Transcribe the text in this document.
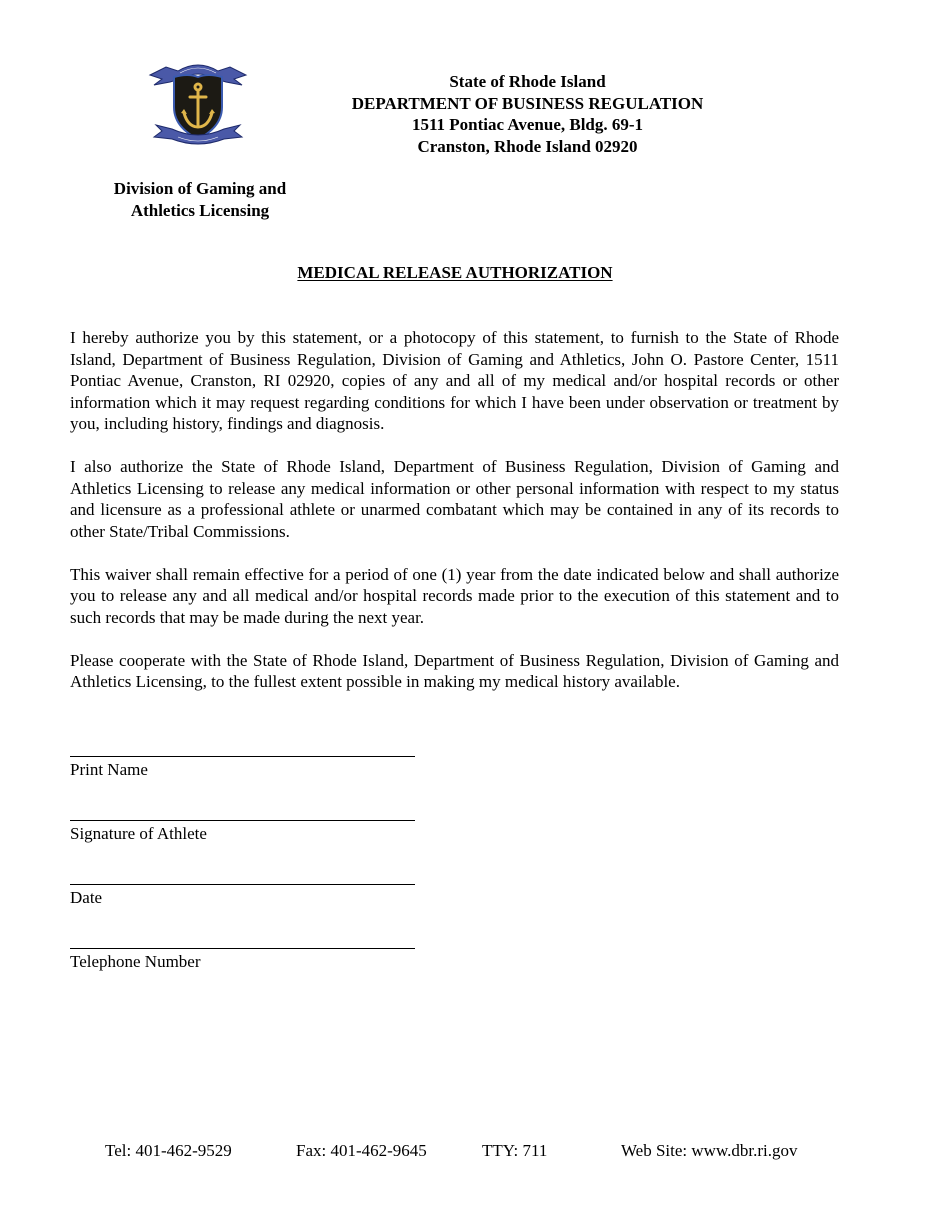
Division of Gaming and
Athletics Licensing
State of Rhode Island
DEPARTMENT OF BUSINESS REGULATION
1511 Pontiac Avenue, Bldg. 69-1
Cranston, Rhode Island 02920
MEDICAL RELEASE AUTHORIZATION

I hereby authorize you by this statement, or a photocopy of this statement, to furnish to the State of Rhode Island, Department of Business Regulation, Division of Gaming and Athletics, John O. Pastore Center, 1511 Pontiac Avenue, Cranston, RI 02920, copies of any and all of my medical and/or hospital records or other information which it may request regarding conditions for which I have been under observation or treatment by you, including history, findings and diagnosis.

I also authorize the State of Rhode Island, Department of Business Regulation, Division of Gaming and Athletics Licensing to release any medical information or other personal information with respect to my status and licensure as a professional athlete or unarmed combatant which may be contained in any of its records to other State/Tribal Commissions.

This waiver shall remain effective for a period of one (1) year from the date indicated below and shall authorize you to release any and all medical and/or hospital records made prior to the execution of this statement and to such records that may be made during the next year.

Please cooperate with the State of Rhode Island, Department of Business Regulation, Division of Gaming and Athletics Licensing, to the fullest extent possible in making my medical history available.

Print Name
Signature of Athlete
Date
Telephone Number
Tel: 401-462-9529	Fax: 401-462-9645	TTY: 711	Web Site: www.dbr.ri.gov
